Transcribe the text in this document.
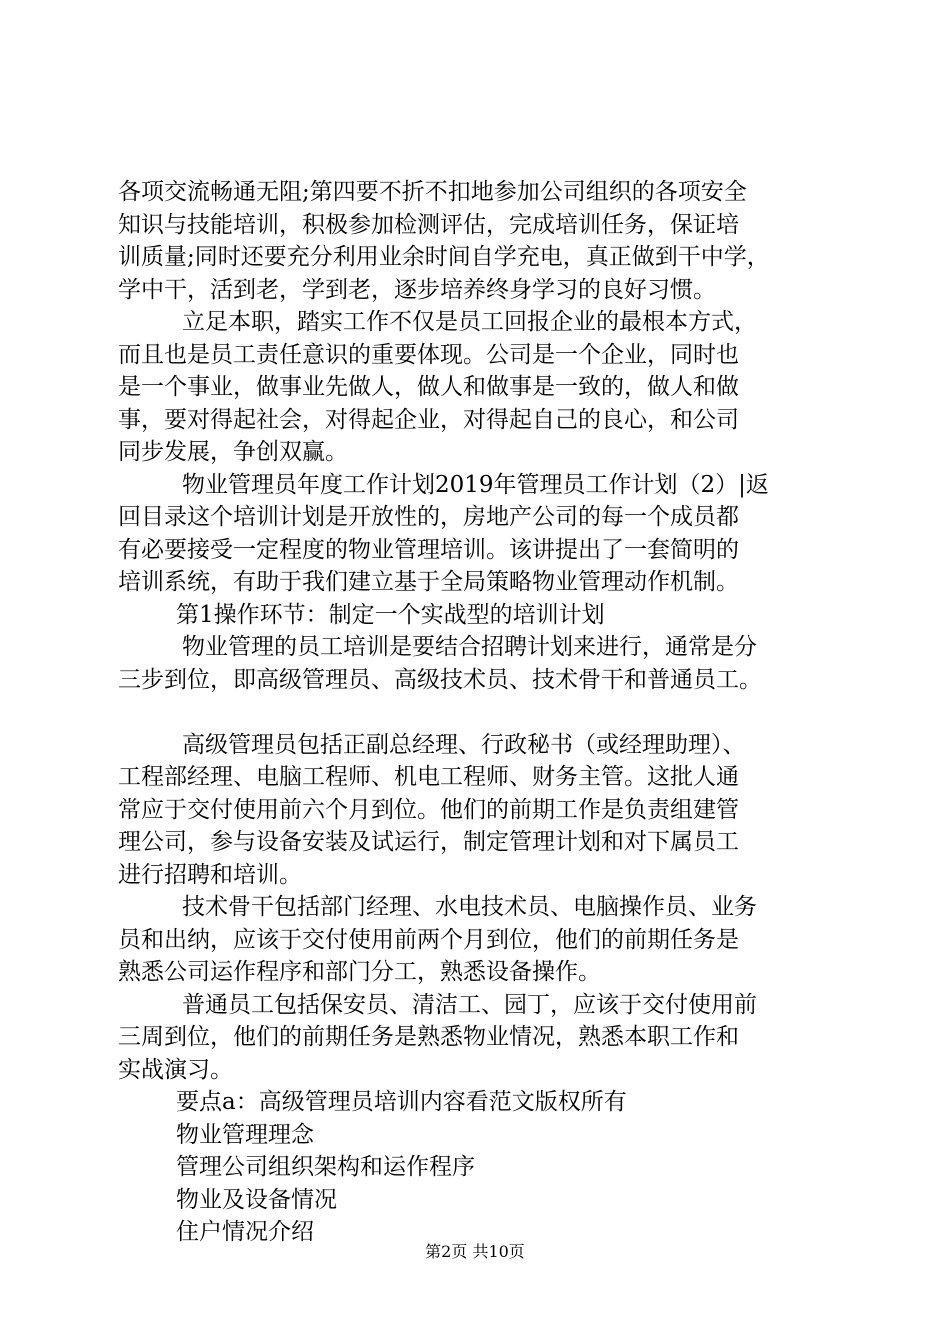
各项交流畅通无阻;第四要不折不扣地参加公司组织的各项安全
知识与技能培训，积极参加检测评估，完成培训任务，保证培
训质量;同时还要充分利用业余时间自学充电，真正做到干中学，
学中干，活到老，学到老，逐步培养终身学习的良好习惯。
立足本职，踏实工作不仅是员工回报企业的最根本方式，
而且也是员工责任意识的重要体现。公司是一个企业，同时也
是一个事业，做事业先做人，做人和做事是一致的，做人和做
事，要对得起社会，对得起企业，对得起自己的良心，和公司
同步发展，争创双赢。
物业管理员年度工作计划2019年管理员工作计划（2）|返
回目录这个培训计划是开放性的，房地产公司的每一个成员都
有必要接受一定程度的物业管理培训。该讲提出了一套简明的
培训系统，有助于我们建立基于全局策略物业管理动作机制。
第1操作环节：制定一个实战型的培训计划
物业管理的员工培训是要结合招聘计划来进行，通常是分
三步到位，即高级管理员、高级技术员、技术骨干和普通员工。
高级管理员包括正副总经理、行政秘书（或经理助理）、
工程部经理、电脑工程师、机电工程师、财务主管。这批人通
常应于交付使用前六个月到位。他们的前期工作是负责组建管
理公司，参与设备安装及试运行，制定管理计划和对下属员工
进行招聘和培训。
技术骨干包括部门经理、水电技术员、电脑操作员、业务
员和出纳，应该于交付使用前两个月到位，他们的前期任务是
熟悉公司运作程序和部门分工，熟悉设备操作。
普通员工包括保安员、清洁工、园丁，应该于交付使用前
三周到位，他们的前期任务是熟悉物业情况，熟悉本职工作和
实战演习。
要点a：高级管理员培训内容看范文版权所有
物业管理理念
管理公司组织架构和运作程序
物业及设备情况
住户情况介绍
第2页 共10页
